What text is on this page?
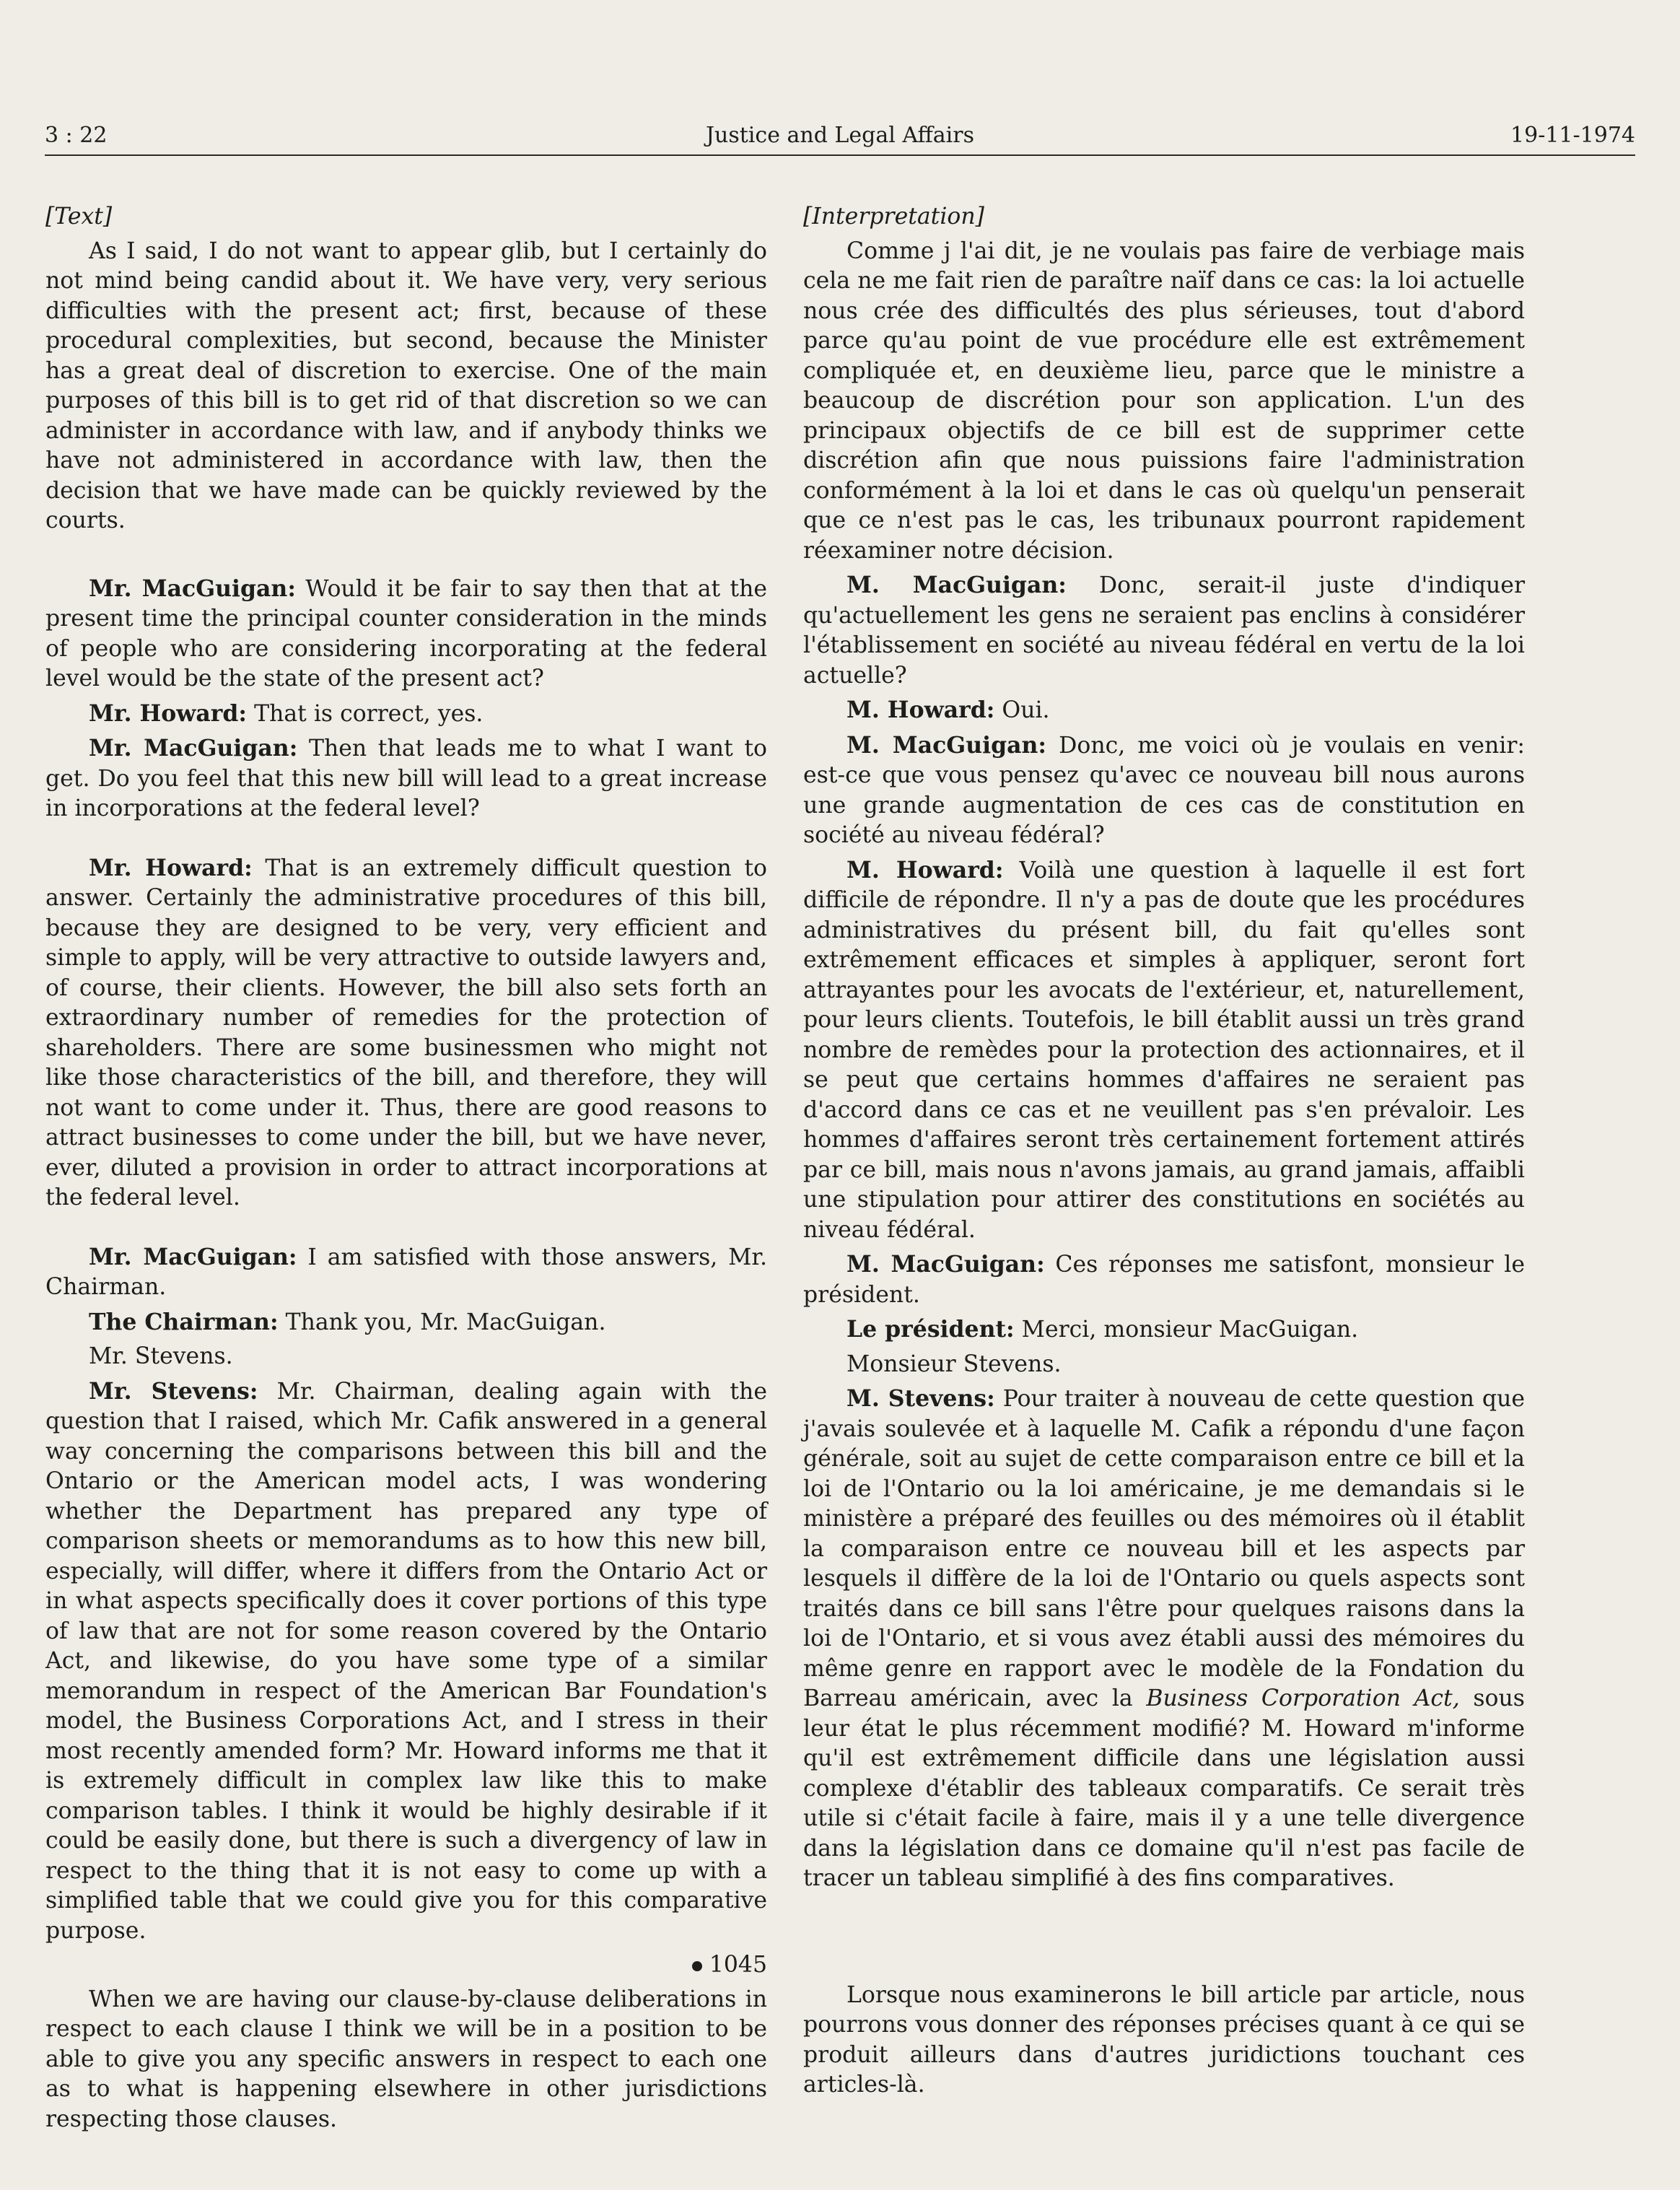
3 : 22	Justice and Legal Affairs	19-11-1974

[Text]

As I said, I do not want to appear glib, but I certainly do not mind being candid about it. We have very, very serious difficulties with the present act; first, because of these procedural complexities, but second, because the Minister has a great deal of discretion to exercise. One of the main purposes of this bill is to get rid of that discretion so we can administer in accordance with law, and if anybody thinks we have not administered in accordance with law, then the decision that we have made can be quickly reviewed by the courts.

Mr. MacGuigan: Would it be fair to say then that at the present time the principal counter consideration in the minds of people who are considering incorporating at the federal level would be the state of the present act?

Mr. Howard: That is correct, yes.

Mr. MacGuigan: Then that leads me to what I want to get. Do you feel that this new bill will lead to a great increase in incorporations at the federal level?

Mr. Howard: That is an extremely difficult question to answer. Certainly the administrative procedures of this bill, because they are designed to be very, very efficient and simple to apply, will be very attractive to outside lawyers and, of course, their clients. However, the bill also sets forth an extraordinary number of remedies for the protection of shareholders. There are some businessmen who might not like those characteristics of the bill, and therefore, they will not want to come under it. Thus, there are good reasons to attract businesses to come under the bill, but we have never, ever, diluted a provision in order to attract incorporations at the federal level.

Mr. MacGuigan: I am satisfied with those answers, Mr. Chairman.

The Chairman: Thank you, Mr. MacGuigan.

Mr. Stevens.

Mr. Stevens: Mr. Chairman, dealing again with the question that I raised, which Mr. Cafik answered in a general way concerning the comparisons between this bill and the Ontario or the American model acts, I was wondering whether the Department has prepared any type of comparison sheets or memorandums as to how this new bill, especially, will differ, where it differs from the Ontario Act or in what aspects specifically does it cover portions of this type of law that are not for some reason covered by the Ontario Act, and likewise, do you have some type of a similar memorandum in respect of the American Bar Foundation's model, the Business Corporations Act, and I stress in their most recently amended form? Mr. Howard informs me that it is extremely difficult in complex law like this to make comparison tables. I think it would be highly desirable if it could be easily done, but there is such a divergency of law in respect to the thing that it is not easy to come up with a simplified table that we could give you for this comparative purpose.

1045

When we are having our clause-by-clause deliberations in respect to each clause I think we will be in a position to be able to give you any specific answers in respect to each one as to what is happening elsewhere in other jurisdictions respecting those clauses.

[Interpretation]

Comme j l'ai dit, je ne voulais pas faire de verbiage mais cela ne me fait rien de paraître naïf dans ce cas: la loi actuelle nous crée des difficultés des plus sérieuses, tout d'abord parce qu'au point de vue procédure elle est extrêmement compliquée et, en deuxième lieu, parce que le ministre a beaucoup de discrétion pour son application. L'un des principaux objectifs de ce bill est de supprimer cette discrétion afin que nous puissions faire l'administration conformément à la loi et dans le cas où quelqu'un penserait que ce n'est pas le cas, les tribunaux pourront rapidement réexaminer notre décision.

M. MacGuigan: Donc, serait-il juste d'indiquer qu'actuellement les gens ne seraient pas enclins à considérer l'établissement en société au niveau fédéral en vertu de la loi actuelle?

M. Howard: Oui.

M. MacGuigan: Donc, me voici où je voulais en venir: est-ce que vous pensez qu'avec ce nouveau bill nous aurons une grande augmentation de ces cas de constitution en société au niveau fédéral?

M. Howard: Voilà une question à laquelle il est fort difficile de répondre. Il n'y a pas de doute que les procédures administratives du présent bill, du fait qu'elles sont extrêmement efficaces et simples à appliquer, seront fort attrayantes pour les avocats de l'extérieur, et, naturellement, pour leurs clients. Toutefois, le bill établit aussi un très grand nombre de remèdes pour la protection des actionnaires, et il se peut que certains hommes d'affaires ne seraient pas d'accord dans ce cas et ne veuillent pas s'en prévaloir. Les hommes d'affaires seront très certainement fortement attirés par ce bill, mais nous n'avons jamais, au grand jamais, affaibli une stipulation pour attirer des constitutions en sociétés au niveau fédéral.

M. MacGuigan: Ces réponses me satisfont, monsieur le président.

Le président: Merci, monsieur MacGuigan.

Monsieur Stevens.

M. Stevens: Pour traiter à nouveau de cette question que j'avais soulevée et à laquelle M. Cafik a répondu d'une façon générale, soit au sujet de cette comparaison entre ce bill et la loi de l'Ontario ou la loi américaine, je me demandais si le ministère a préparé des feuilles ou des mémoires où il établit la comparaison entre ce nouveau bill et les aspects par lesquels il diffère de la loi de l'Ontario ou quels aspects sont traités dans ce bill sans l'être pour quelques raisons dans la loi de l'Ontario, et si vous avez établi aussi des mémoires du même genre en rapport avec le modèle de la Fondation du Barreau américain, avec la Business Corporation Act, sous leur état le plus récemment modifié? M. Howard m'informe qu'il est extrêmement difficile dans une législation aussi complexe d'établir des tableaux comparatifs. Ce serait très utile si c'était facile à faire, mais il y a une telle divergence dans la législation dans ce domaine qu'il n'est pas facile de tracer un tableau simplifié à des fins comparatives.

Lorsque nous examinerons le bill article par article, nous pourrons vous donner des réponses précises quant à ce qui se produit ailleurs dans d'autres juridictions touchant ces articles-là.
